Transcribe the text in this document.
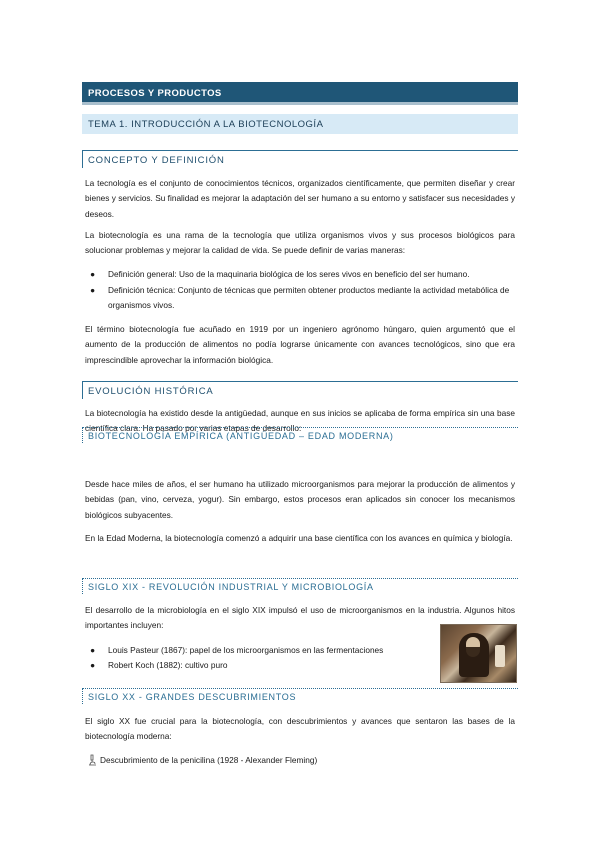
PROCESOS Y PRODUCTOS
TEMA 1. INTRODUCCIÓN A LA BIOTECNOLOGÍA
CONCEPTO Y DEFINICIÓN

La tecnología es el conjunto de conocimientos técnicos, organizados científicamente, que permiten diseñar y crear bienes y servicios. Su finalidad es mejorar la adaptación del ser humano a su entorno y satisfacer sus necesidades y deseos.

La biotecnología es una rama de la tecnología que utiliza organismos vivos y sus procesos biológicos para solucionar problemas y mejorar la calidad de vida. Se puede definir de varias maneras:

● Definición general: Uso de la maquinaria biológica de los seres vivos en beneficio del ser humano.
● Definición técnica: Conjunto de técnicas que permiten obtener productos mediante la actividad metabólica de organismos vivos.

El término biotecnología fue acuñado en 1919 por un ingeniero agrónomo húngaro, quien argumentó que el aumento de la producción de alimentos no podía lograrse únicamente con avances tecnológicos, sino que era imprescindible aprovechar la información biológica.

EVOLUCIÓN HISTÓRICA

La biotecnología ha existido desde la antigüedad, aunque en sus inicios se aplicaba de forma empírica sin una base científica clara. Ha pasado por varias etapas de desarrollo:

BIOTECNOLOGÍA EMPÍRICA (ANTIGÜEDAD – EDAD MODERNA)

Desde hace miles de años, el ser humano ha utilizado microorganismos para mejorar la producción de alimentos y bebidas (pan, vino, cerveza, yogur). Sin embargo, estos procesos eran aplicados sin conocer los mecanismos biológicos subyacentes.

En la Edad Moderna, la biotecnología comenzó a adquirir una base científica con los avances en química y biología.

SIGLO XIX - REVOLUCIÓN INDUSTRIAL Y MICROBIOLOGÍA

El desarrollo de la microbiología en el siglo XIX impulsó el uso de microorganismos en la industria. Algunos hitos importantes incluyen:

● Louis Pasteur (1867): papel de los microorganismos en las fermentaciones
● Robert Koch (1882): cultivo puro
SIGLO XX - GRANDES DESCUBRIMIENTOS

El siglo XX fue crucial para la biotecnología, con descubrimientos y avances que sentaron las bases de la biotecnología moderna:

Descubrimiento de la penicilina (1928 - Alexander Fleming)
